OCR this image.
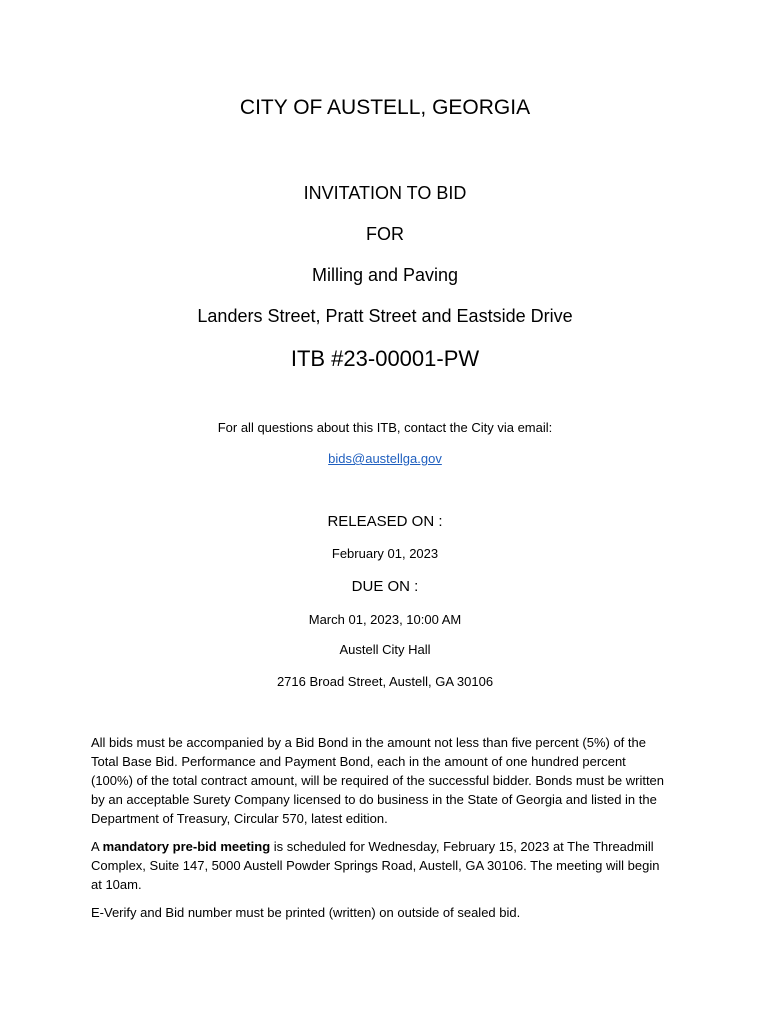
CITY OF AUSTELL, GEORGIA
INVITATION TO BID
FOR
Milling and Paving
Landers Street, Pratt Street and Eastside Drive
ITB #23-00001-PW
For all questions about this ITB, contact the City via email:
bids@austellga.gov
RELEASED ON :
February 01, 2023
DUE ON :
March 01, 2023, 10:00 AM
Austell City Hall
2716 Broad Street, Austell, GA 30106

All bids must be accompanied by a Bid Bond in the amount not less than five percent (5%) of the Total Base Bid. Performance and Payment Bond, each in the amount of one hundred percent (100%) of the total contract amount, will be required of the successful bidder. Bonds must be written by an acceptable Surety Company licensed to do business in the State of Georgia and listed in the Department of Treasury, Circular 570, latest edition.

A mandatory pre-bid meeting is scheduled for Wednesday, February 15, 2023 at The Threadmill Complex, Suite 147, 5000 Austell Powder Springs Road, Austell, GA 30106. The meeting will begin at 10am.

E-Verify and Bid number must be printed (written) on outside of sealed bid.
